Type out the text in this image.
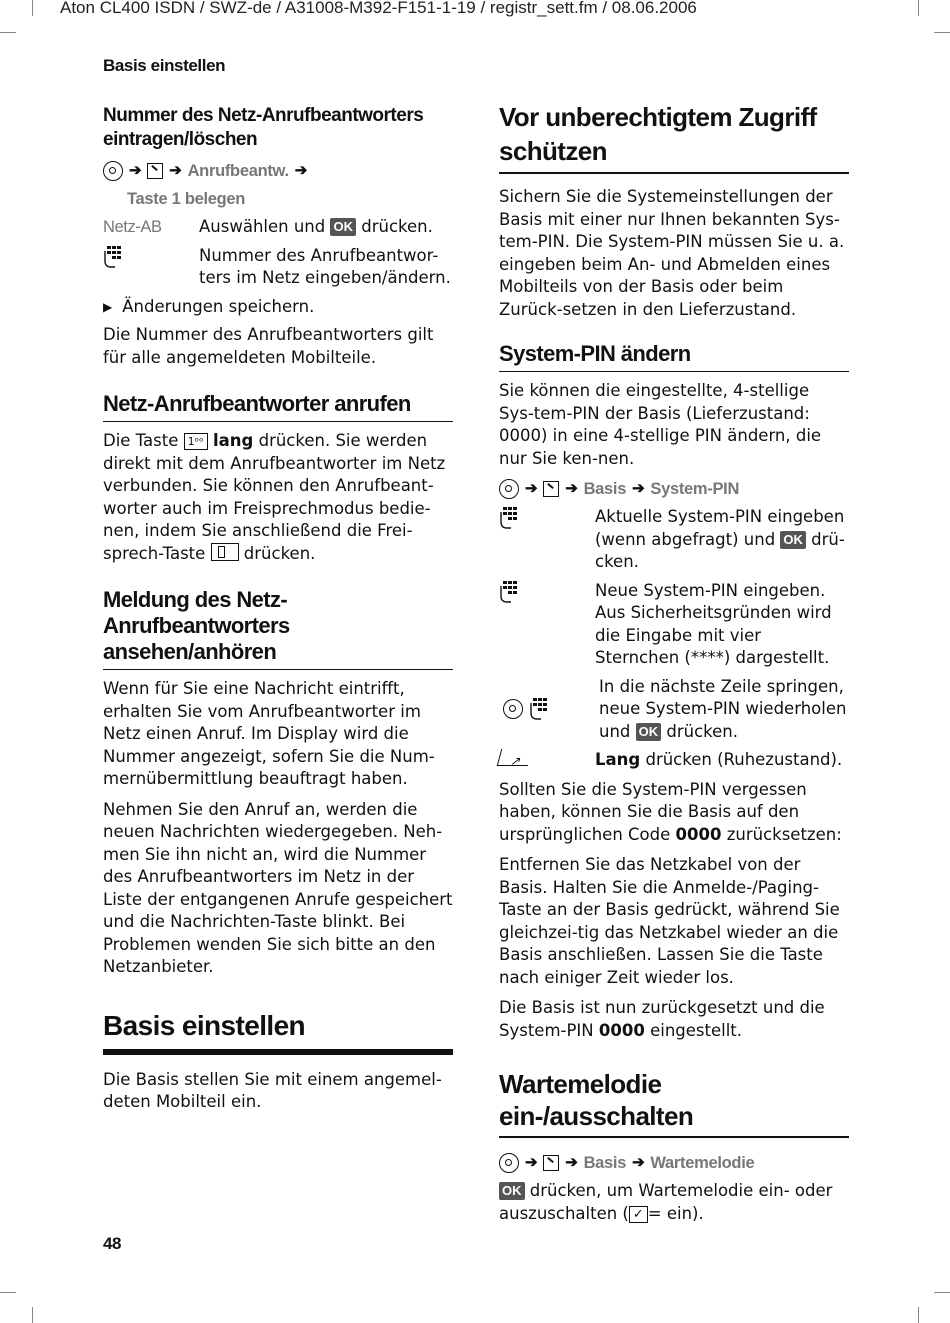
Aton CL400 ISDN / SWZ-de / A31008-M392-F151-1-19 / registr_sett.fm / 08.06.2006
Basis einstellen
48
Nummer des Netz-Anrufbeantworters eintragen/löschen
➔ ➔ Anrufbeantw. ➔
Taste 1 belegen
Netz-AB	Auswählen und OK drücken.
Nummer des Anrufbeantwor-ters im Netz eingeben/ändern.
▶ Änderungen speichern.

Die Nummer des Anrufbeantworters gilt für alle angemeldeten Mobilteile.

Netz-Anrufbeantworter anrufen

Die Taste 1ᵒᵒ lang drücken. Sie werden direkt mit dem Anrufbeantworter im Netz verbunden. Sie können den Anrufbeant-worter auch im Freisprechmodus bedie-nen, indem Sie anschließend die Frei-sprech-Taste drücken.

Meldung des Netz-Anrufbeantworters ansehen/anhören

Wenn für Sie eine Nachricht eintrifft, erhalten Sie vom Anrufbeantworter im Netz einen Anruf. Im Display wird die Nummer angezeigt, sofern Sie die Num-mernübermittlung beauftragt haben.

Nehmen Sie den Anruf an, werden die neuen Nachrichten wiedergegeben. Neh-men Sie ihn nicht an, wird die Nummer des Anrufbeantworters im Netz in der Liste der entgangenen Anrufe gespeichert und die Nachrichten-Taste blinkt. Bei Problemen wenden Sie sich bitte an den Netzanbieter.

Basis einstellen

Die Basis stellen Sie mit einem angemel-deten Mobilteil ein.

Vor unberechtigtem Zugriff schützen

Sichern Sie die Systemeinstellungen der Basis mit einer nur Ihnen bekannten Sys-tem-PIN. Die System-PIN müssen Sie u. a. eingeben beim An- und Abmelden eines Mobilteils von der Basis oder beim Zurück-setzen in den Lieferzustand.

System-PIN ändern

Sie können die eingestellte, 4-stellige Sys-tem-PIN der Basis (Lieferzustand: 0000) in eine 4-stellige PIN ändern, die nur Sie ken-nen.

➔ ➔ Basis ➔ System-PIN
Aktuelle System-PIN eingeben (wenn abgefragt) und OK drü-cken.
Neue System-PIN eingeben. Aus Sicherheitsgründen wird die Eingabe mit vier Sternchen (****) dargestellt.
In die nächste Zeile springen, neue System-PIN wiederholen und OK drücken.
↗	Lang drücken (Ruhezustand).

Sollten Sie die System-PIN vergessen haben, können Sie die Basis auf den ursprünglichen Code 0000 zurücksetzen:

Entfernen Sie das Netzkabel von der Basis. Halten Sie die Anmelde-/Paging-Taste an der Basis gedrückt, während Sie gleichzei-tig das Netzkabel wieder an die Basis anschließen. Lassen Sie die Taste nach einiger Zeit wieder los.

Die Basis ist nun zurückgesetzt und die System-PIN 0000 eingestellt.

Wartemelodie ein-/ausschalten
➔ ➔ Basis ➔ Wartemelodie

OK drücken, um Wartemelodie ein- oder auszuschalten ( ✓ = ein).
